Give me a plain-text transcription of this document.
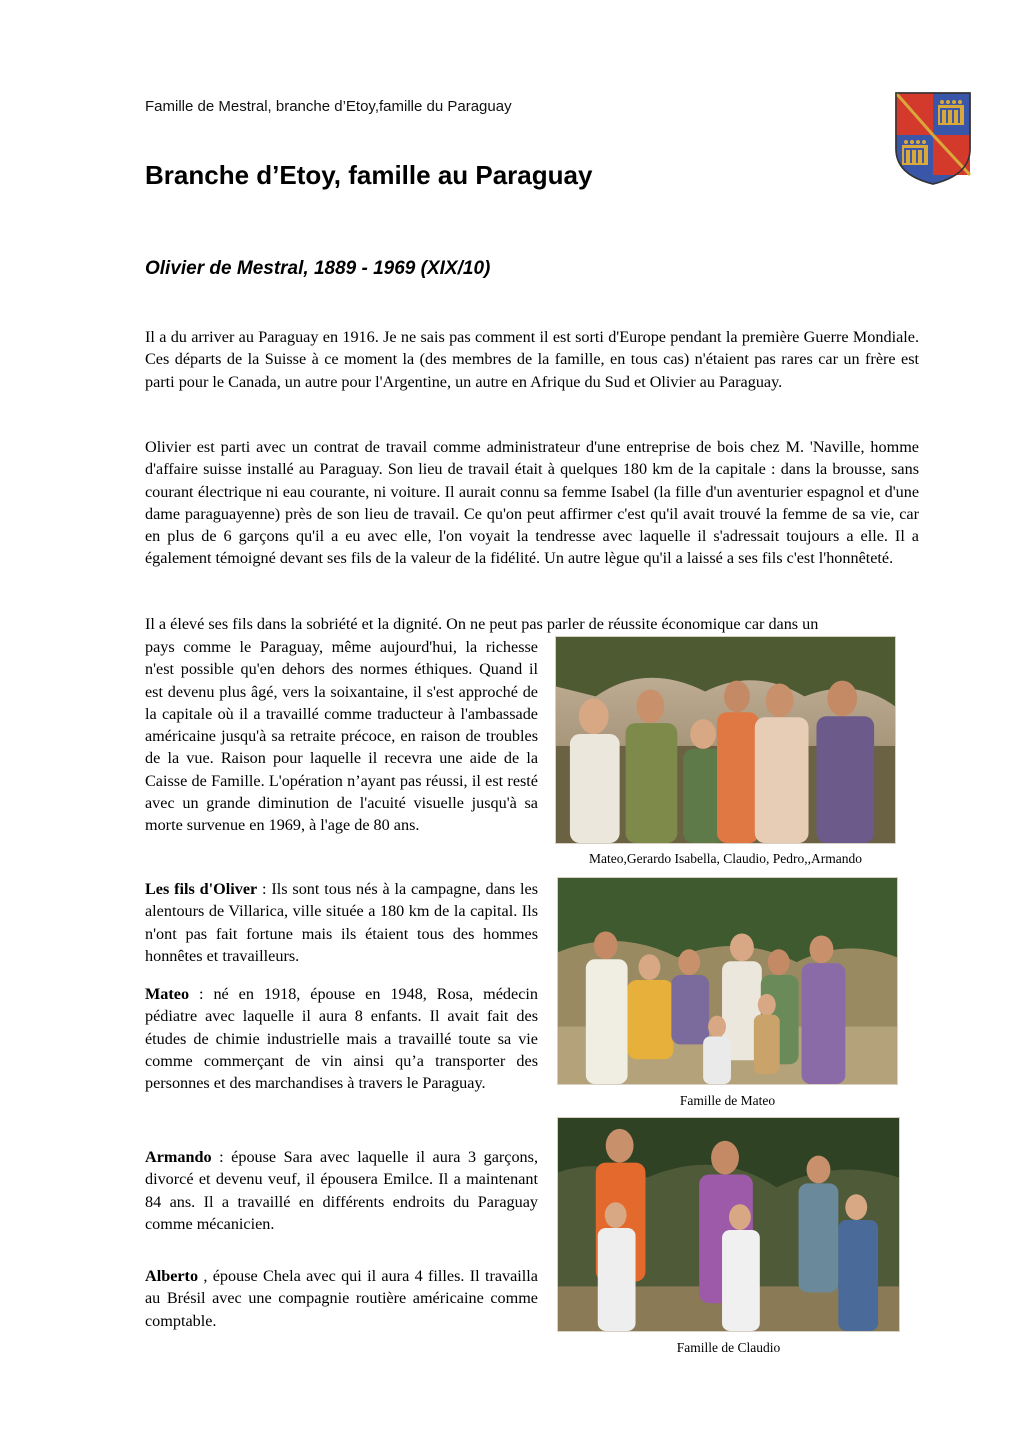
Famille de Mestral, branche d’Etoy,famille du Paraguay
Branche d’Etoy, famille au Paraguay
Olivier de Mestral, 1889 - 1969 (XIX/10)

Il a du arriver au Paraguay en 1916. Je ne sais pas comment il est sorti d'Europe pendant la première Guerre Mondiale. Ces départs de la Suisse à ce moment la (des membres de la famille, en tous cas) n'étaient pas rares car un frère est parti pour le Canada, un autre pour l'Argentine, un autre en Afrique du Sud et Olivier au Paraguay.

Olivier est parti avec un contrat de travail comme administrateur d'une entreprise de bois chez M. 'Naville, homme d'affaire suisse installé au Paraguay. Son lieu de travail était à quelques 180 km de la capitale : dans la brousse, sans courant électrique ni eau courante, ni voiture. Il aurait connu sa femme Isabel (la fille d'un aventurier espagnol et d'une dame paraguayenne) près de son lieu de travail. Ce qu'on peut affirmer c'est qu'il avait trouvé la femme de sa vie, car en plus de 6 garçons qu'il a eu avec elle, l'on voyait la tendresse avec laquelle il s'adressait toujours a elle. Il a également témoigné devant ses fils de la valeur de la fidélité. Un autre lègue qu'il a laissé a ses fils c'est l'honnêteté.

Il a élevé ses fils dans la sobriété et la dignité. On ne peut pas parler de réussite économique car dans un

pays comme le Paraguay, même aujourd'hui, la richesse n'est possible qu'en dehors des normes éthiques. Quand il est devenu plus âgé, vers la soixantaine, il s'est approché de la capitale où il a travaillé comme traducteur à l'ambassade américaine jusqu'à sa retraite précoce, en raison de troubles de la vue. Raison pour laquelle il recevra une aide de la Caisse de Famille. L'opération n’ayant pas réussi, il est resté avec un grande diminution de l'acuité visuelle jusqu'à sa morte survenue en 1969, à l'age de 80 ans.

Les fils d'Oliver : Ils sont tous nés à la campagne, dans les alentours de Villarica, ville située a 180 km de la capital. Ils n'ont pas fait fortune mais ils étaient tous des hommes honnêtes et travailleurs.

Mateo : né en 1918, épouse en 1948, Rosa, médecin pédiatre avec laquelle il aura 8 enfants. Il avait fait des études de chimie industrielle mais a travaillé toute sa vie comme commerçant de vin ainsi qu’a transporter des personnes et des marchandises à travers le Paraguay.

Armando : épouse Sara avec laquelle il aura 3 garçons, divorcé et devenu veuf, il épousera Emilce. Il a maintenant 84 ans. Il a travaillé en différents endroits du Paraguay comme mécanicien.

Alberto , épouse Chela avec qui il aura 4 filles. Il travailla au Brésil avec une compagnie routière américaine comme comptable.

Mateo,Gerardo Isabella, Claudio, Pedro,,Armando
Famille de Mateo
Famille de Claudio
